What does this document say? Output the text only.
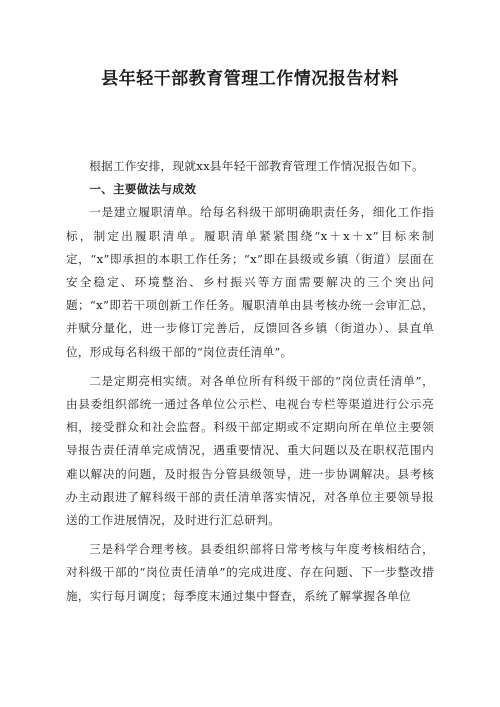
县年轻干部教育管理工作情况报告材料

根据工作安排，现就xx县年轻干部教育管理工作情况报告如下。

一、主要做法与成效

一是建立履职清单。给每名科级干部明确职责任务，细化工作指标，制定出履职清单。履职清单紧紧围绕“x＋x＋x”目标来制定，“x”即承担的本职工作任务；“x”即在县级或乡镇（街道）层面在安全稳定、环境整治、乡村振兴等方面需要解决的三个突出问题；“x”即若干项创新工作任务。履职清单由县考核办统一会审汇总，并赋分量化，进一步修订完善后，反馈回各乡镇（街道办）、县直单位，形成每名科级干部的“岗位责任清单”。

二是定期亮相实绩。对各单位所有科级干部的“岗位责任清单”，由县委组织部统一通过各单位公示栏、电视台专栏等渠道进行公示亮相，接受群众和社会监督。科级干部定期或不定期向所在单位主要领导报告责任清单完成情况，遇重要情况、重大问题以及在职权范围内难以解决的问题，及时报告分管县级领导，进一步协调解决。县考核办主动跟进了解科级干部的责任清单落实情况，对各单位主要领导报送的工作进展情况，及时进行汇总研判。

三是科学合理考核。县委组织部将日常考核与年度考核相结合，对科级干部的“岗位责任清单”的完成进度、存在问题、下一步整改措施，实行每月调度；每季度末通过集中督查，系统了解掌握各单位
